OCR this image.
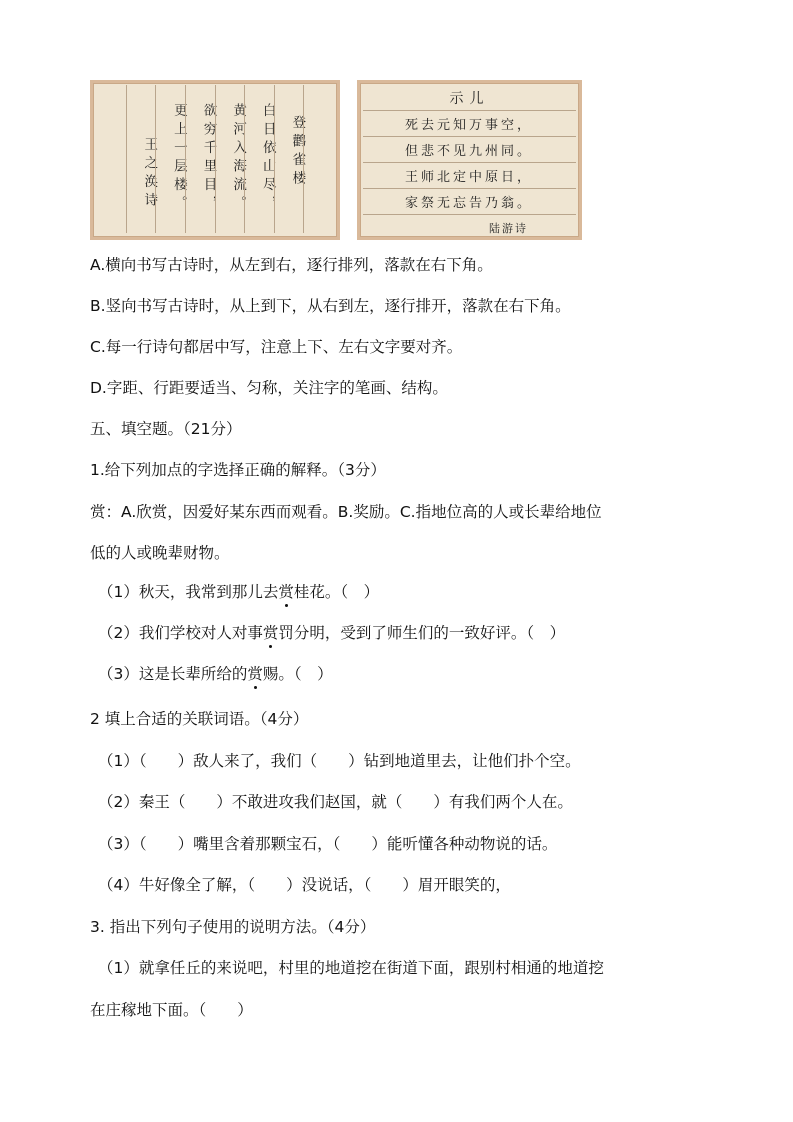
王之涣诗	更上一层楼。	欲穷千里目，	黄河入海流。	白日依山尽，	登鹳雀楼
示儿
死去元知万事空，
但悲不见九州同。
王师北定中原日，
家祭无忘告乃翁。
陆游诗
A.横向书写古诗时，从左到右，逐行排列，落款在右下角。
B.竖向书写古诗时，从上到下，从右到左，逐行排开，落款在右下角。
C.每一行诗句都居中写，注意上下、左右文字要对齐。
D.字距、行距要适当、匀称，关注字的笔画、结构。
五、填空题。（21分）
1.给下列加点的字选择正确的解释。（3分）
赏：A.欣赏，因爱好某东西而观看。B.奖励。C.指地位高的人或长辈给地位
低的人或晚辈财物。
（1）秋天，我常到那儿去赏桂花。（　）
（2）我们学校对人对事赏罚分明，受到了师生们的一致好评。（　）
（3）这是长辈所给的赏赐。（　）
2 填上合适的关联词语。（4分）
（1）（　　）敌人来了，我们（　　）钻到地道里去，让他们扑个空。
（2）秦王（　　）不敢进攻我们赵国，就（　　）有我们两个人在。
（3）（　　）嘴里含着那颗宝石，（　　）能听懂各种动物说的话。
（4）牛好像全了解，（　　）没说话，（　　）眉开眼笑的，
3. 指出下列句子使用的说明方法。（4分）
（1）就拿任丘的来说吧，村里的地道挖在街道下面，跟别村相通的地道挖
在庄稼地下面。（　　）
